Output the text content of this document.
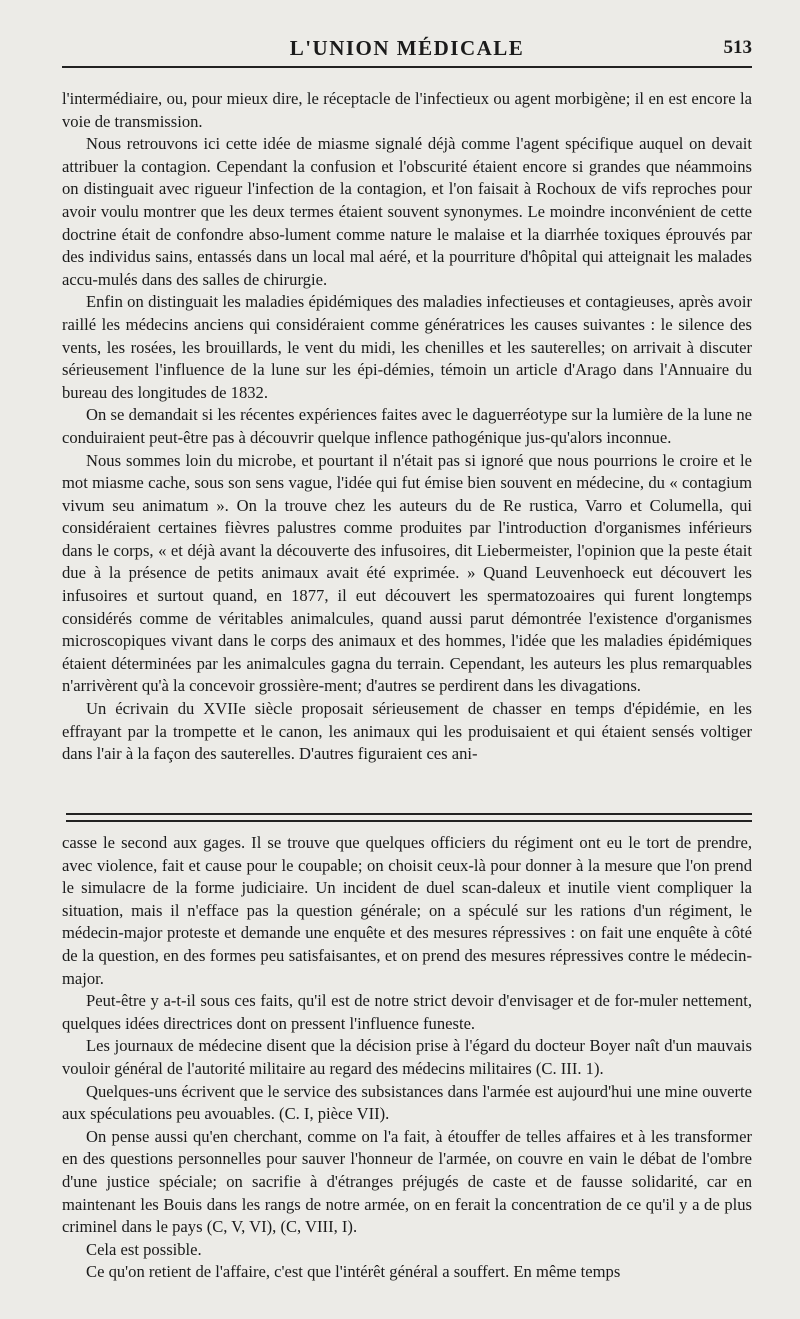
L'UNION MÉDICALE	513

l'intermédiaire, ou, pour mieux dire, le réceptacle de l'infectieux ou agent morbigène; il en est encore la voie de transmission.

Nous retrouvons ici cette idée de miasme signalé déjà comme l'agent spécifique auquel on devait attribuer la contagion. Cependant la confusion et l'obscurité étaient encore si grandes que néammoins on distinguait avec rigueur l'infection de la contagion, et l'on faisait à Rochoux de vifs reproches pour avoir voulu montrer que les deux termes étaient souvent synonymes. Le moindre inconvénient de cette doctrine était de confondre abso-lument comme nature le malaise et la diarrhée toxiques éprouvés par des individus sains, entassés dans un local mal aéré, et la pourriture d'hôpital qui atteignait les malades accu-mulés dans des salles de chirurgie.

Enfin on distinguait les maladies épidémiques des maladies infectieuses et contagieuses, après avoir raillé les médecins anciens qui considéraient comme génératrices les causes suivantes : le silence des vents, les rosées, les brouillards, le vent du midi, les chenilles et les sauterelles; on arrivait à discuter sérieusement l'influence de la lune sur les épi-démies, témoin un article d'Arago dans l'Annuaire du bureau des longitudes de 1832.

On se demandait si les récentes expériences faites avec le daguerréotype sur la lumière de la lune ne conduiraient peut-être pas à découvrir quelque inflence pathogénique jus-qu'alors inconnue.

Nous sommes loin du microbe, et pourtant il n'était pas si ignoré que nous pourrions le croire et le mot miasme cache, sous son sens vague, l'idée qui fut émise bien souvent en médecine, du « contagium vivum seu animatum ». On la trouve chez les auteurs du de Re rustica, Varro et Columella, qui considéraient certaines fièvres palustres comme produites par l'introduction d'organismes inférieurs dans le corps, « et déjà avant la découverte des infusoires, dit Liebermeister, l'opinion que la peste était due à la présence de petits animaux avait été exprimée. » Quand Leuvenhoeck eut découvert les infusoires et surtout quand, en 1877, il eut découvert les spermatozoaires qui furent longtemps considérés comme de véritables animalcules, quand aussi parut démontrée l'existence d'organismes microscopiques vivant dans le corps des animaux et des hommes, l'idée que les maladies épidémiques étaient déterminées par les animalcules gagna du terrain. Cependant, les auteurs les plus remarquables n'arrivèrent qu'à la concevoir grossière-ment; d'autres se perdirent dans les divagations.

Un écrivain du XVIIe siècle proposait sérieusement de chasser en temps d'épidémie, en les effrayant par la trompette et le canon, les animaux qui les produisaient et qui étaient sensés voltiger dans l'air à la façon des sauterelles. D'autres figuraient ces ani-

casse le second aux gages. Il se trouve que quelques officiers du régiment ont eu le tort de prendre, avec violence, fait et cause pour le coupable; on choisit ceux-là pour donner à la mesure que l'on prend le simulacre de la forme judiciaire. Un incident de duel scan-daleux et inutile vient compliquer la situation, mais il n'efface pas la question générale; on a spéculé sur les rations d'un régiment, le médecin-major proteste et demande une enquête et des mesures répressives : on fait une enquête à côté de la question, en des formes peu satisfaisantes, et on prend des mesures répressives contre le médecin-major.

Peut-être y a-t-il sous ces faits, qu'il est de notre strict devoir d'envisager et de for-muler nettement, quelques idées directrices dont on pressent l'influence funeste.

Les journaux de médecine disent que la décision prise à l'égard du docteur Boyer naît d'un mauvais vouloir général de l'autorité militaire au regard des médecins militaires (C. III. 1).

Quelques-uns écrivent que le service des subsistances dans l'armée est aujourd'hui une mine ouverte aux spéculations peu avouables. (C. I, pièce VII).

On pense aussi qu'en cherchant, comme on l'a fait, à étouffer de telles affaires et à les transformer en des questions personnelles pour sauver l'honneur de l'armée, on couvre en vain le débat de l'ombre d'une justice spéciale; on sacrifie à d'étranges préjugés de caste et de fausse solidarité, car en maintenant les Bouis dans les rangs de notre armée, on en ferait la concentration de ce qu'il y a de plus criminel dans le pays (C, V, VI), (C, VIII, I).

Cela est possible.

Ce qu'on retient de l'affaire, c'est que l'intérêt général a souffert. En même temps
